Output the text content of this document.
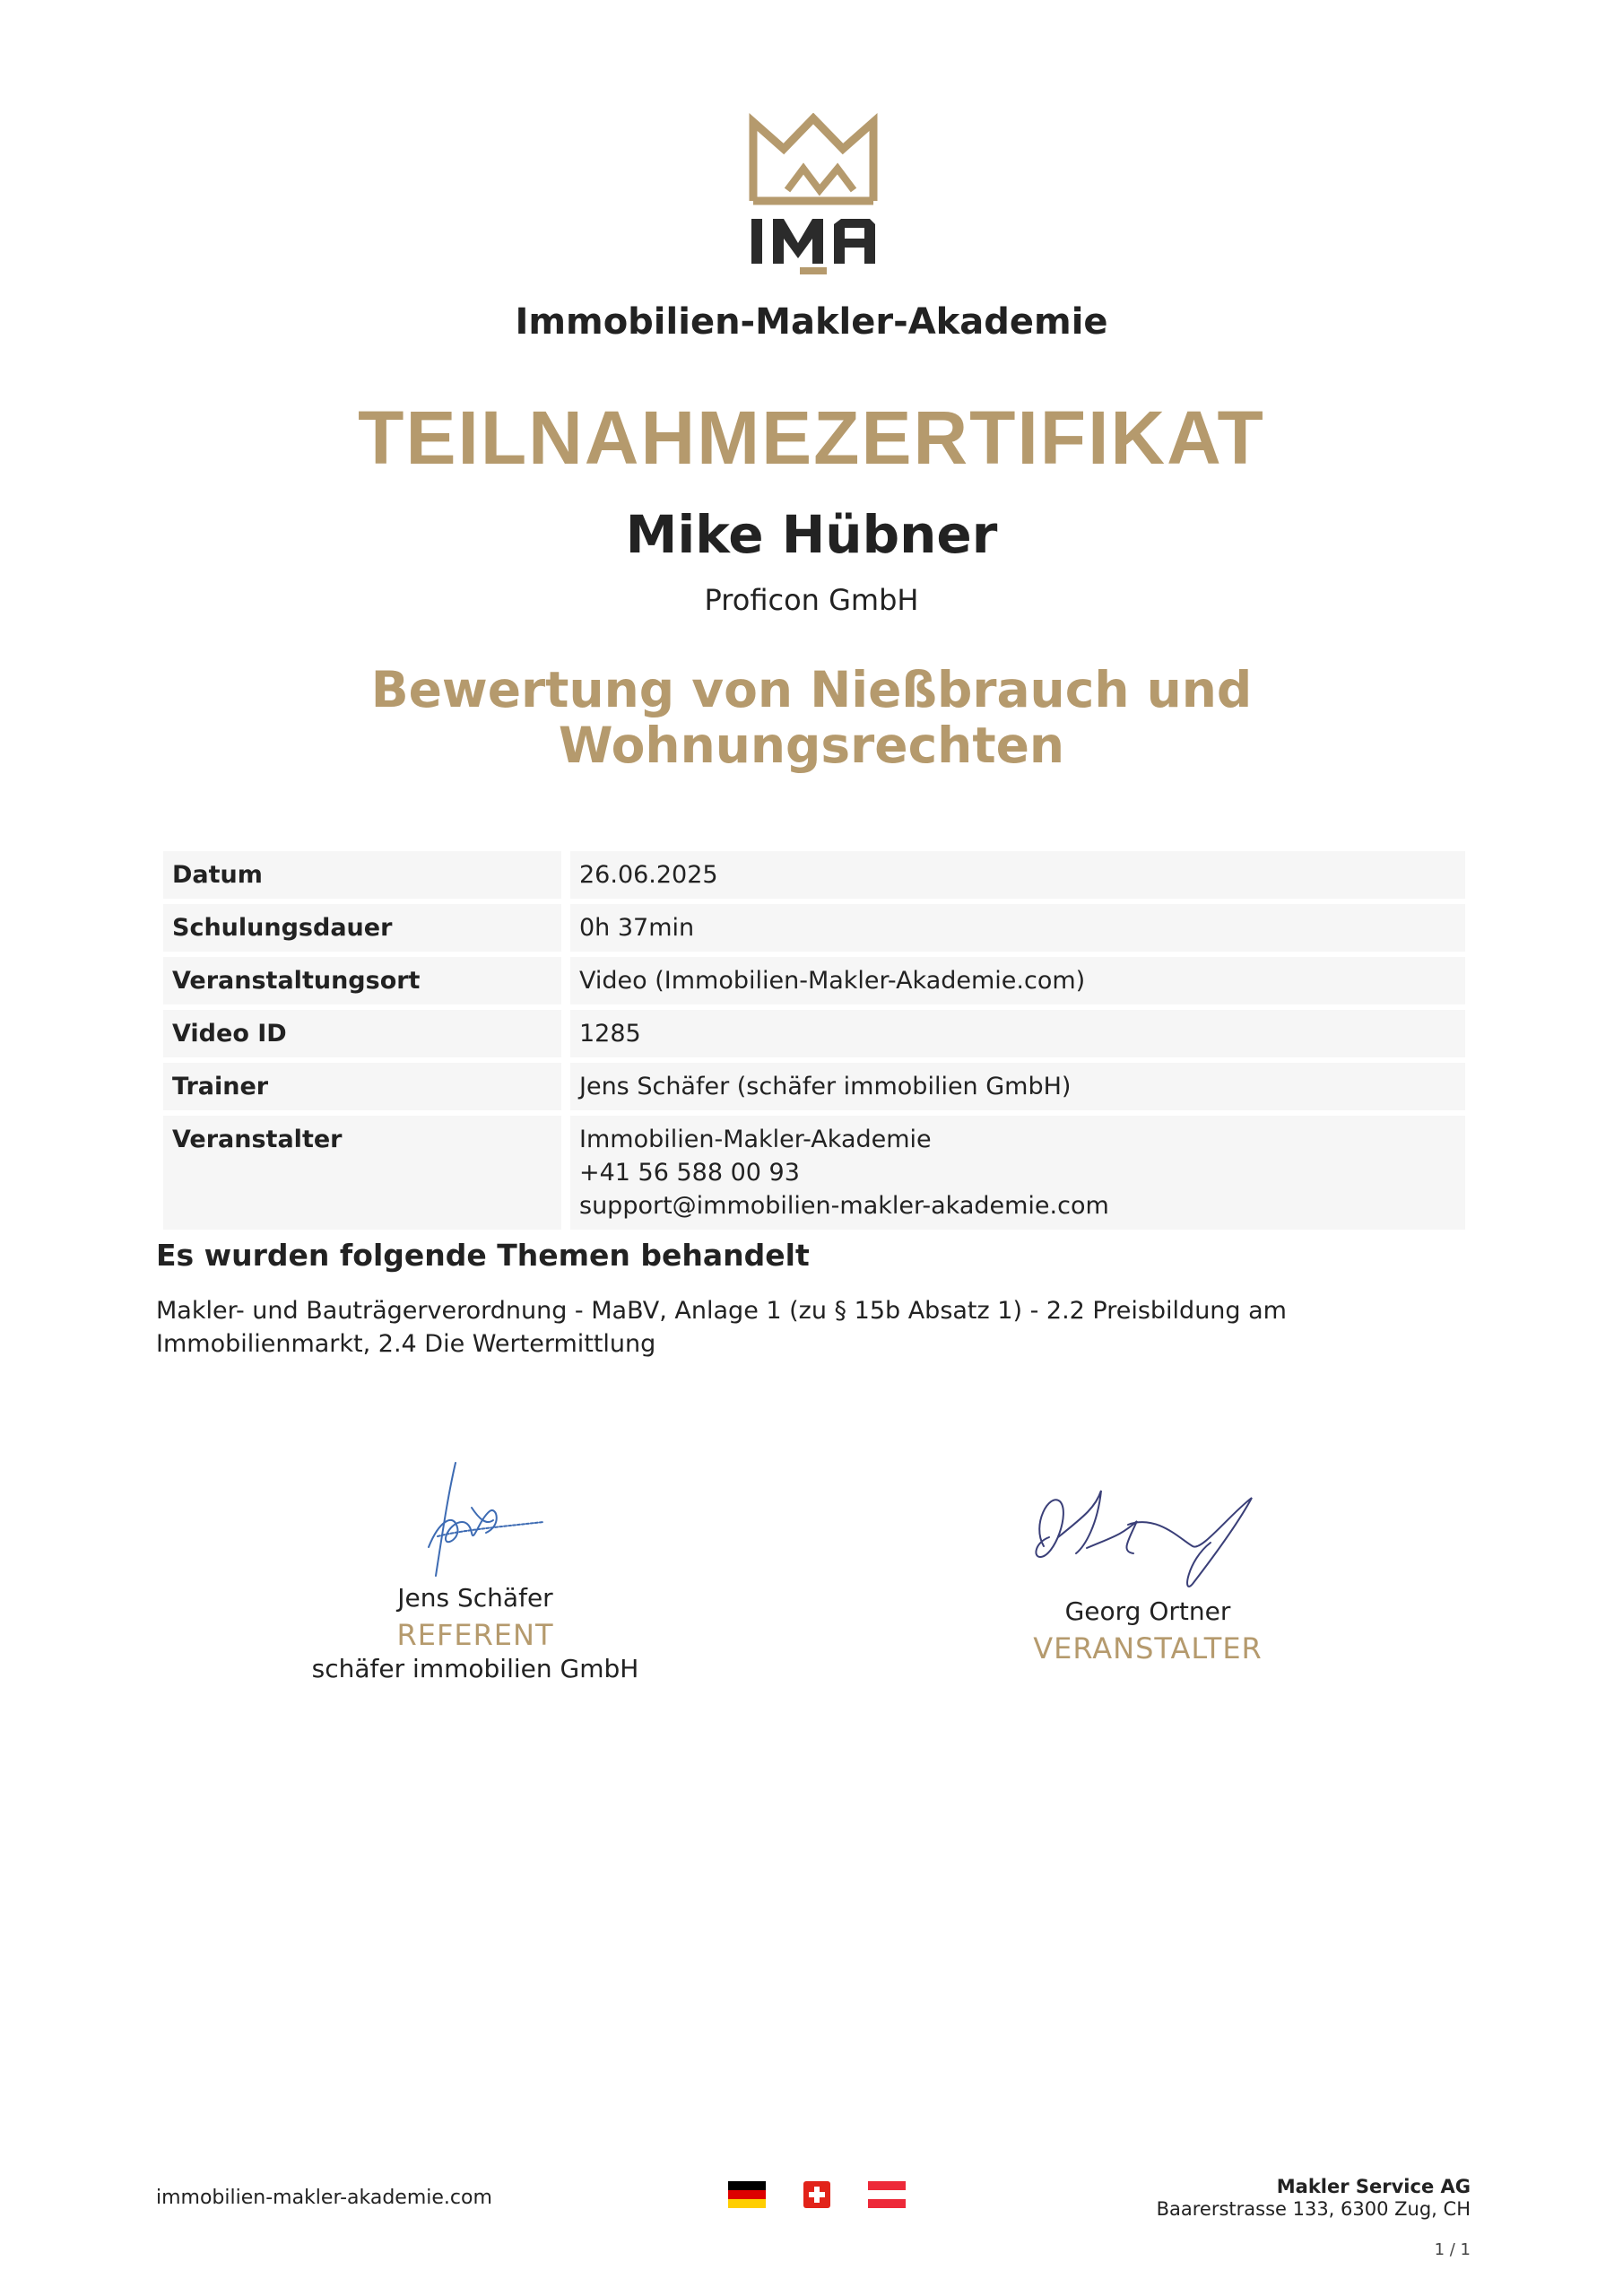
Immobilien-Makler-Akademie
TEILNAHMEZERTIFIKAT
Mike Hübner
Proficon GmbH
Bewertung von Nießbrauch und
Wohnungsrechten
Datum	26.06.2025
Schulungsdauer	0h 37min
Veranstaltungsort	Video (Immobilien-Makler-Akademie.com)
Video ID	1285
Trainer	Jens Schäfer (schäfer immobilien GmbH)
Veranstalter	Immobilien-Makler-Akademie
+41 56 588 00 93
support@immobilien-makler-akademie.com
Es wurden folgende Themen behandelt
Makler- und Bauträgerverordnung - MaBV, Anlage 1 (zu § 15b Absatz 1) - 2.2 Preisbildung am Immobilienmarkt, 2.4 Die Wertermittlung
Jens Schäfer
REFERENT
schäfer immobilien GmbH
Georg Ortner
VERANSTALTER
immobilien-makler-akademie.com
	Makler Service AG
Baarerstrasse 133, 6300 Zug, CH
1 / 1
